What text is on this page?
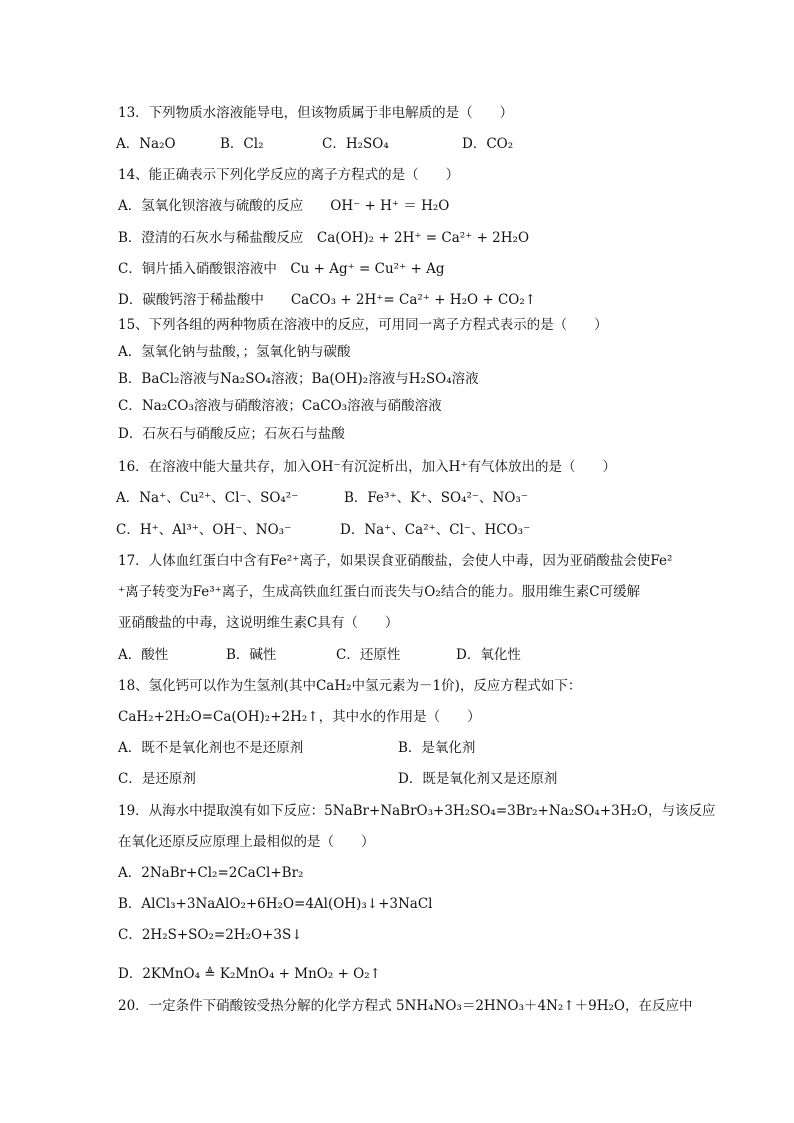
13．下列物质水溶液能导电，但该物质属于非电解质的是（　　）
A．Na₂O	B．Cl₂	C．H₂SO₄	D．CO₂
14、能正确表示下列化学反应的离子方程式的是（　　）
A．氢氧化钡溶液与硫酸的反应　　OH⁻ + H⁺ ＝ H₂O
B．澄清的石灰水与稀盐酸反应　Ca(OH)₂ + 2H⁺ = Ca²⁺ + 2H₂O
C．铜片插入硝酸银溶液中　Cu + Ag⁺ = Cu²⁺ + Ag
D．碳酸钙溶于稀盐酸中　　CaCO₃ + 2H⁺= Ca²⁺ + H₂O + CO₂↑
15、下列各组的两种物质在溶液中的反应，可用同一离子方程式表示的是（　　）
A．氢氧化钠与盐酸，；氢氧化钠与碳酸
B．BaCl₂溶液与Na₂SO₄溶液；Ba(OH)₂溶液与H₂SO₄溶液
C．Na₂CO₃溶液与硝酸溶液；CaCO₃溶液与硝酸溶液
D．石灰石与硝酸反应；石灰石与盐酸
16．在溶液中能大量共存，加入OH⁻有沉淀析出，加入H⁺有气体放出的是（　　）
A．Na⁺、Cu²⁺、Cl⁻、SO₄²⁻	B．Fe³⁺、K⁺、SO₄²⁻、NO₃⁻
C．H⁺、Al³⁺、OH⁻、NO₃⁻	D．Na⁺、Ca²⁺、Cl⁻、HCO₃⁻
17．人体血红蛋白中含有Fe²⁺离子，如果误食亚硝酸盐，会使人中毒，因为亚硝酸盐会使Fe²
⁺离子转变为Fe³⁺离子，生成高铁血红蛋白而丧失与O₂结合的能力。服用维生素C可缓解
亚硝酸盐的中毒，这说明维生素C具有（　　）
A．酸性	B．碱性	C．还原性	D．氧化性
18、氢化钙可以作为生氢剂(其中CaH₂中氢元素为－1价)，反应方程式如下：
CaH₂+2H₂O=Ca(OH)₂+2H₂↑，其中水的作用是（　　）
A．既不是氧化剂也不是还原剂	B．是氧化剂
C．是还原剂	D．既是氧化剂又是还原剂
19．从海水中提取溴有如下反应：5NaBr+NaBrO₃+3H₂SO₄=3Br₂+Na₂SO₄+3H₂O，与该反应
在氧化还原反应原理上最相似的是（　　）
A．2NaBr+Cl₂=2CaCl+Br₂
B．AlCl₃+3NaAlO₂+6H₂O=4Al(OH)₃↓+3NaCl
C．2H₂S+SO₂=2H₂O+3S↓
D．2KMnO₄ ≜ K₂MnO₄ + MnO₂ + O₂↑
20．一定条件下硝酸铵受热分解的化学方程式 5NH₄NO₃＝2HNO₃＋4N₂↑＋9H₂O，在反应中
